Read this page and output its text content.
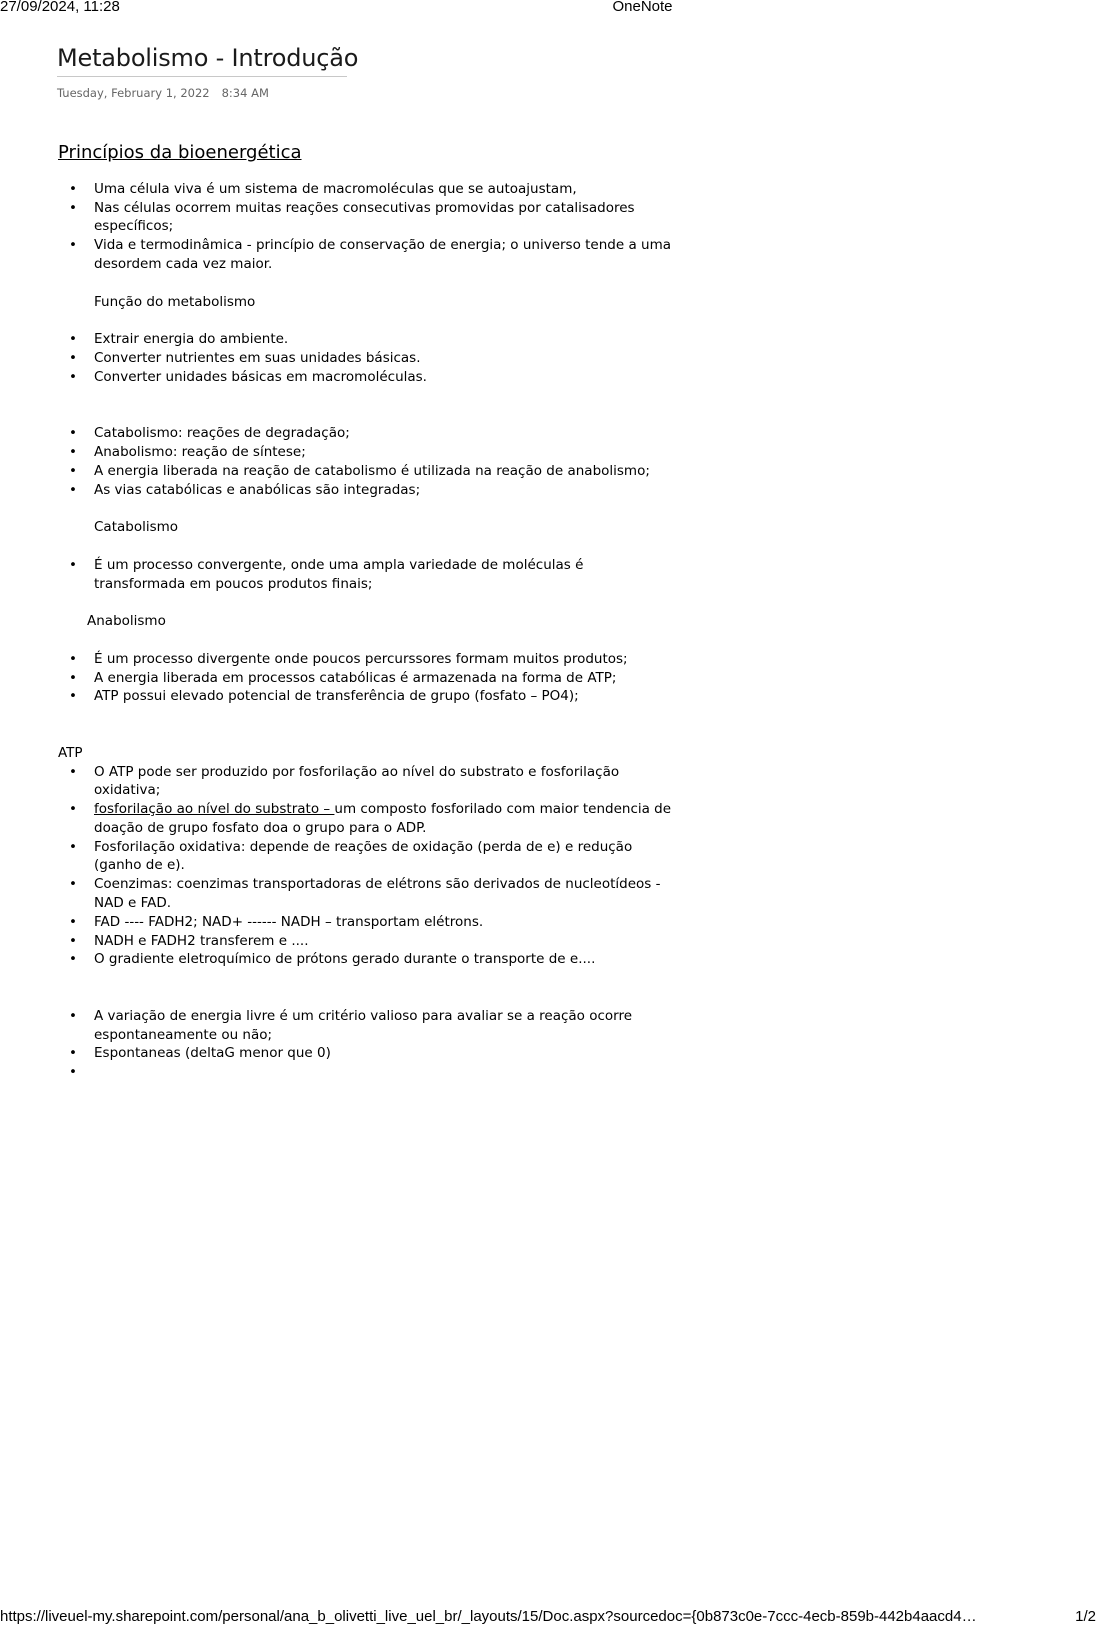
27/09/2024, 11:28	OneNote
Metabolismo - Introdução
Tuesday, February 1, 2022 8:34 AM
Princípios da bioenergética
• Uma célula viva é um sistema de macromoléculas que se autoajustam,
• Nas células ocorrem muitas reações consecutivas promovidas por catalisadores específicos;
• Vida e termodinâmica - princípio de conservação de energia; o universo tende a uma desordem cada vez maior.
Função do metabolismo
• Extrair energia do ambiente.
• Converter nutrientes em suas unidades básicas.
• Converter unidades básicas em macromoléculas.
• Catabolismo: reações de degradação;
• Anabolismo: reação de síntese;
• A energia liberada na reação de catabolismo é utilizada na reação de anabolismo;
• As vias catabólicas e anabólicas são integradas;
Catabolismo
• É um processo convergente, onde uma ampla variedade de moléculas é transformada em poucos produtos finais;
Anabolismo
• É um processo divergente onde poucos percurssores formam muitos produtos;
• A energia liberada em processos catabólicas é armazenada na forma de ATP;
• ATP possui elevado potencial de transferência de grupo (fosfato – PO4);
ATP
• O ATP pode ser produzido por fosforilação ao nível do substrato e fosforilação oxidativa;
• fosforilação ao nível do substrato – um composto fosforilado com maior tendencia de doação de grupo fosfato doa o grupo para o ADP.
• Fosforilação oxidativa: depende de reações de oxidação (perda de e) e redução (ganho de e).
• Coenzimas: coenzimas transportadoras de elétrons são derivados de nucleotídeos - NAD e FAD.
• FAD ---- FADH2; NAD+ ------ NADH – transportam elétrons.
• NADH e FADH2 transferem e ....
• O gradiente eletroquímico de prótons gerado durante o transporte de e....
• A variação de energia livre é um critério valioso para avaliar se a reação ocorre espontaneamente ou não;
• Espontaneas (deltaG menor que 0)
•
https://liveuel-my.sharepoint.com/personal/ana_b_olivetti_live_uel_br/_layouts/15/Doc.aspx?sourcedoc={0b873c0e-7ccc-4ecb-859b-442b4aacd4…	1/2
